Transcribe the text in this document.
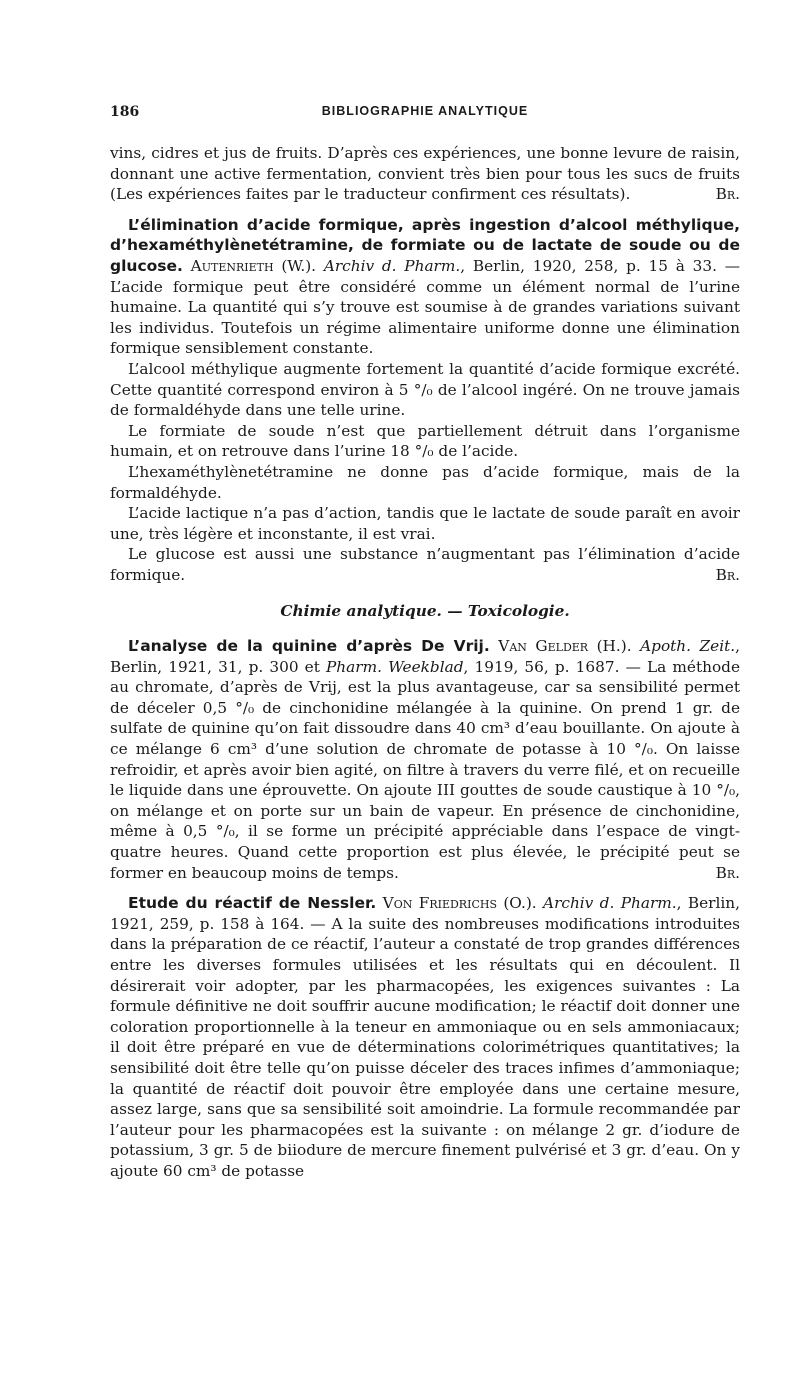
186	BIBLIOGRAPHIE ANALYTIQUE

vins, cidres et jus de fruits. D’après ces expériences, une bonne levure de raisin, donnant une active fermentation, convient très bien pour tous les sucs de fruits (Les expériences faites par le traducteur confirment ces résultats).	Br.

L’élimination d’acide formique, après ingestion d’alcool méthylique, d’hexaméthylènetétramine, de formiate ou de lactate de soude ou de glucose. Autenrieth (W.). Archiv d. Pharm., Berlin, 1920, 258, p. 15 à 33. — L’acide formique peut être considéré comme un élément normal de l’urine humaine. La quantité qui s’y trouve est soumise à de grandes variations suivant les individus. Toutefois un régime alimentaire uniforme donne une élimination formique sensiblement constante.

L’alcool méthylique augmente fortement la quantité d’acide formique excrété. Cette quantité correspond environ à 5 °/₀ de l’alcool ingéré. On ne trouve jamais de formaldéhyde dans une telle urine.

Le formiate de soude n’est que partiellement détruit dans l’organisme humain, et on retrouve dans l’urine 18 °/₀ de l’acide.

L’hexaméthylènetétramine ne donne pas d’acide formique, mais de la formaldéhyde.

L’acide lactique n’a pas d’action, tandis que le lactate de soude paraît en avoir une, très légère et inconstante, il est vrai.

Le glucose est aussi une substance n’augmentant pas l’élimination d’acide formique.	Br.

Chimie analytique. — Toxicologie.

L’analyse de la quinine d’après De Vrij. Van Gelder (H.). Apoth. Zeit., Berlin, 1921, 31, p. 300 et Pharm. Weekblad, 1919, 56, p. 1687. — La méthode au chromate, d’après de Vrij, est la plus avantageuse, car sa sensibilité permet de déceler 0,5 °/₀ de cinchonidine mélangée à la quinine. On prend 1 gr. de sulfate de quinine qu’on fait dissoudre dans 40 cm³ d’eau bouillante. On ajoute à ce mélange 6 cm³ d’une solution de chromate de potasse à 10 °/₀. On laisse refroidir, et après avoir bien agité, on filtre à travers du verre filé, et on recueille le liquide dans une éprouvette. On ajoute III gouttes de soude caustique à 10 °/₀, on mélange et on porte sur un bain de vapeur. En présence de cinchonidine, même à 0,5 °/₀, il se forme un précipité appréciable dans l’espace de vingt-quatre heures. Quand cette proportion est plus élevée, le précipité peut se former en beaucoup moins de temps.	Br.

Etude du réactif de Nessler. Von Friedrichs (O.). Archiv d. Pharm., Berlin, 1921, 259, p. 158 à 164. — A la suite des nombreuses modifications introduites dans la préparation de ce réactif, l’auteur a constaté de trop grandes différences entre les diverses formules utilisées et les résultats qui en découlent. Il désirerait voir adopter, par les pharmacopées, les exigences suivantes : La formule définitive ne doit souffrir aucune modification; le réactif doit donner une coloration proportionnelle à la teneur en ammoniaque ou en sels ammoniacaux; il doit être préparé en vue de déterminations colorimétriques quantitatives; la sensibilité doit être telle qu’on puisse déceler des traces infimes d’ammoniaque; la quantité de réactif doit pouvoir être employée dans une certaine mesure, assez large, sans que sa sensibilité soit amoindrie. La formule recommandée par l’auteur pour les pharmacopées est la suivante : on mélange 2 gr. d’iodure de potassium, 3 gr. 5 de biiodure de mercure finement pulvérisé et 3 gr. d’eau. On y ajoute 60 cm³ de potasse
